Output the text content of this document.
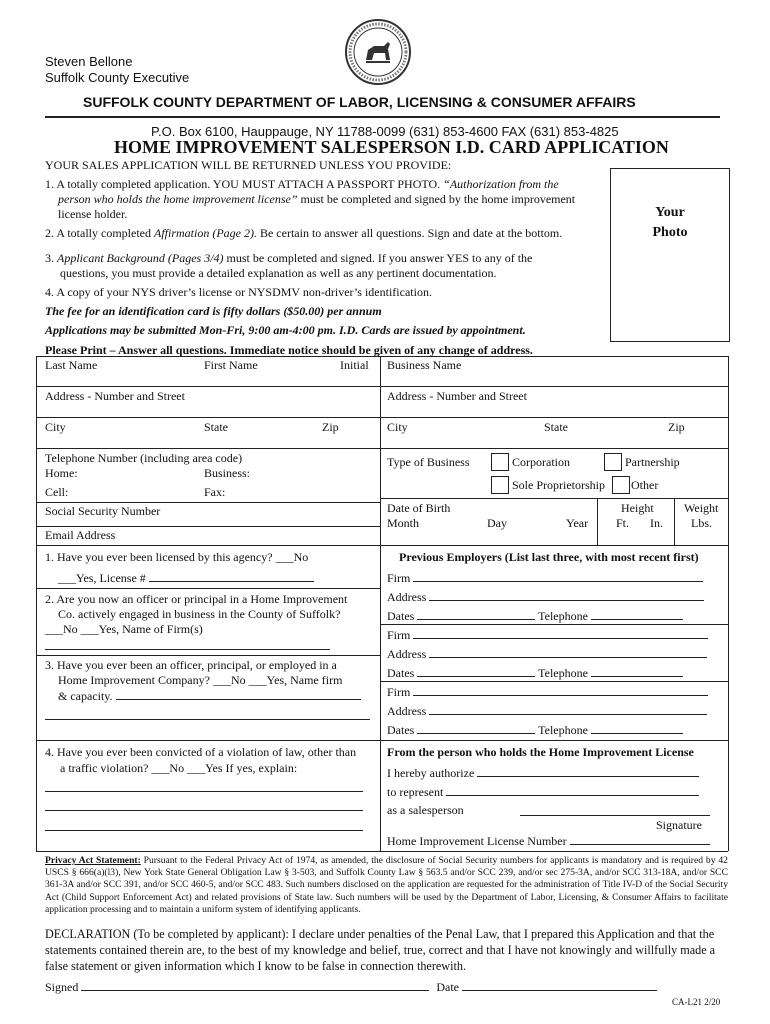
Steven Bellone
Suffolk County Executive
SUFFOLK COUNTY DEPARTMENT OF LABOR, LICENSING & CONSUMER AFFAIRS
P.O. Box 6100, Hauppauge, NY 11788-0099 (631) 853-4600 FAX (631) 853-4825
HOME IMPROVEMENT SALESPERSON I.D. CARD APPLICATION
YOUR SALES APPLICATION WILL BE RETURNED UNLESS YOU PROVIDE:
1. A totally completed application. YOU MUST ATTACH A PASSPORT PHOTO. “Authorization from the
person who holds the home improvement license” must be completed and signed by the home improvement
license holder.
2. A totally completed Affirmation (Page 2). Be certain to answer all questions. Sign and date at the bottom.
3. Applicant Background (Pages 3/4) must be completed and signed. If you answer YES to any of the
questions, you must provide a detailed explanation as well as any pertinent documentation.
4. A copy of your NYS driver’s license or NYSDMV non-driver’s identification.
The fee for an identification card is fifty dollars ($50.00) per annum
Applications may be submitted Mon-Fri, 9:00 am-4:00 pm. I.D. Cards are issued by appointment.
Please Print – Answer all questions. Immediate notice should be given of any change of address.
Your
Photo
Last Name	First Name	Initial
Address - Number and Street
City	State	Zip
Telephone Number (including area code)
Home:	Business:
Cell:	Fax:
Social Security Number
Email Address
1. Have you ever been licensed by this agency? ___No
___Yes, License #
2. Are you now an officer or principal in a Home Improvement
Co. actively engaged in business in the County of Suffolk?
___No ___Yes, Name of Firm(s)
3. Have you ever been an officer, principal, or employed in a
Home Improvement Company? ___No ___Yes, Name firm
& capacity.
4. Have you ever been convicted of a violation of law, other than
a traffic violation? ___No ___Yes If yes, explain:
Business Name
Address - Number and Street
City	State	Zip
Type of Business	Corporation	Partnership
Sole Proprietorship Other
Date of Birth
Month	Day	Year
Height
Ft. In.
Weight
Lbs.
Previous Employers (List last three, with most recent first)
Firm
Address
Dates	Telephone
Firm
Address
Dates	Telephone
Firm
Address
Dates	Telephone
From the person who holds the Home Improvement License
I hereby authorize
to represent
as a salesperson
Signature
Home Improvement License Number
Privacy Act Statement: Pursuant to the Federal Privacy Act of 1974, as amended, the disclosure of Social Security numbers for applicants is mandatory and is required by 42 USCS § 666(a)(l3), New York State General Obligation Law § 3-503, and Suffolk County Law § 563.5 and/or SCC 239, and/or sec 275-3A, and/or SCC 313-18A, and/or SCC 361-3A and/or SCC 391, and/or SCC 460-5, and/or SCC 483. Such numbers disclosed on the application are requested for the administration of Title IV-D of the Social Security Act (Child Support Enforcement Act) and related provisions of State law. Such numbers will be used by the Department of Labor, Licensing, & Consumer Affairs to facilitate application processing and to maintain a uniform system of identifying applicants.
DECLARATION (To be completed by applicant): I declare under penalties of the Penal Law, that I prepared this Application and that the statements contained therein are, to the best of my knowledge and belief, true, correct and that I have not knowingly and willfully made a false statement or given information which I know to be false in connection therewith.
Signed	Date
CA-L21 2/20
